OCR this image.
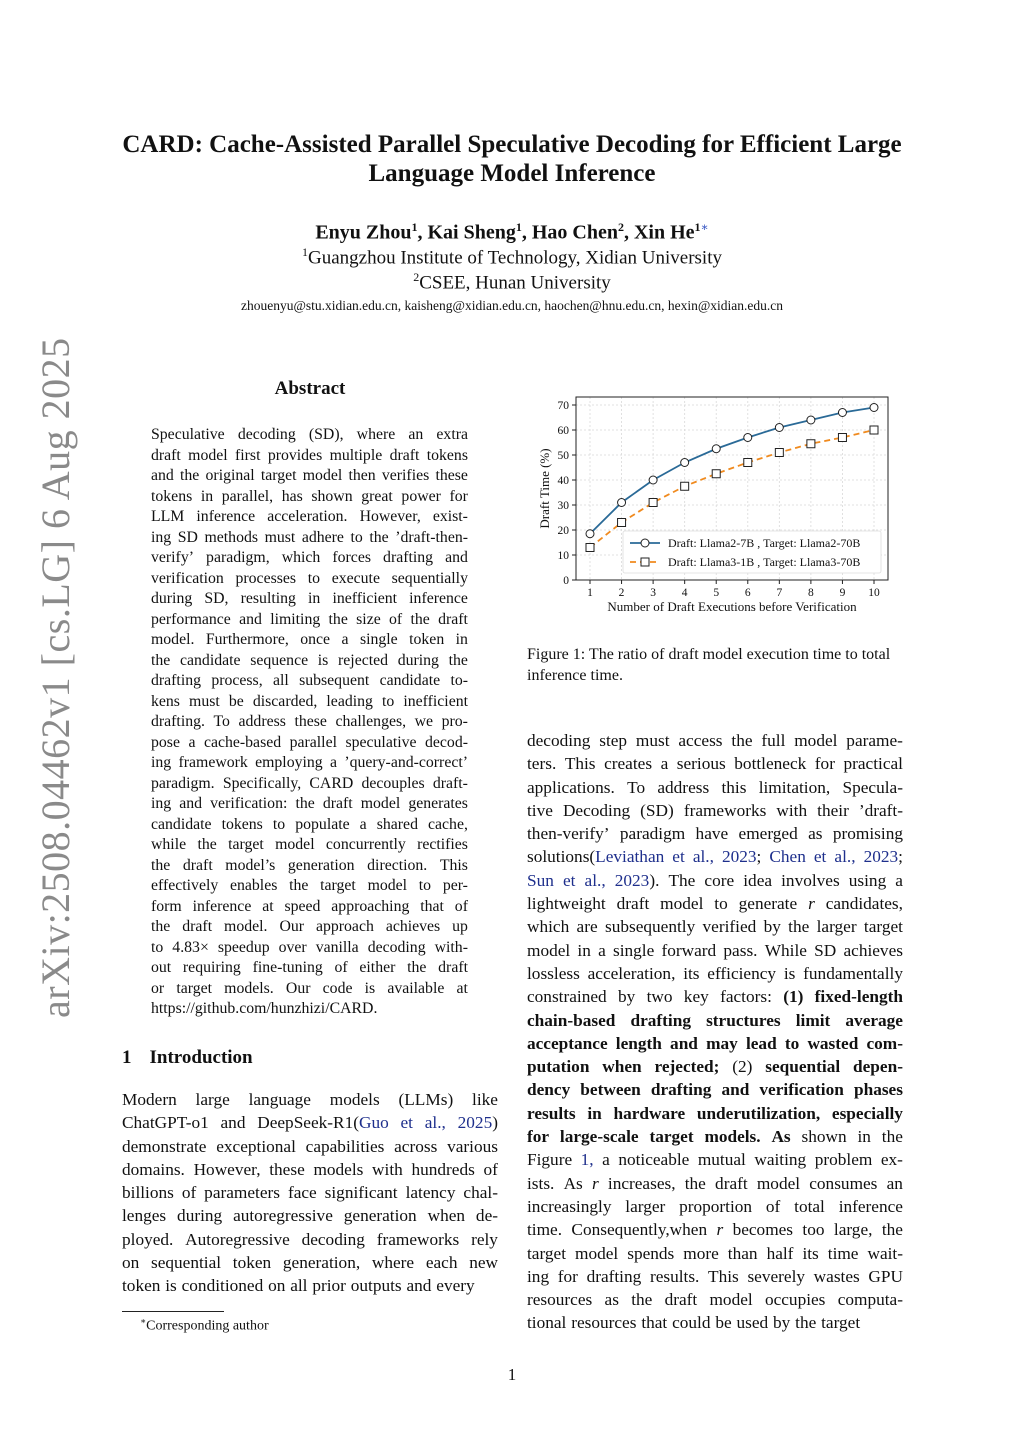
arXiv:2508.04462v1 [cs.LG] 6 Aug 2025
CARD: Cache-Assisted Parallel Speculative Decoding for Efficient Large
Language Model Inference
Enyu Zhou$^1$, Kai Sheng$^1$, Hao Chen$^2$, Xin $He^{1∗}$
$^1$Guangzhou Institute of Technology, Xidian University
$^2$CSEE, Hunan University
zhouenyu@stu.xidian.edu.cn, kaisheng@xidian.edu.cn, haochen@hnu.edu.cn, hexin@xidian.edu.cn
Abstract
Speculative decoding (SD), where an extra
draft model first provides multiple draft tokens
and the original target model then verifies these
tokens in parallel, has shown great power for
LLM inference acceleration. However, exist-
ing SD methods must adhere to the ’draft-then-
verify’ paradigm, which forces drafting and
verification processes to execute sequentially
during SD, resulting in inefficient inference
performance and limiting the size of the draft
model. Furthermore, once a single token in
the candidate sequence is rejected during the
drafting process, all subsequent candidate to-
kens must be discarded, leading to inefficient
drafting. To address these challenges, we pro-
pose a cache-based parallel speculative decod-
ing framework employing a ’query-and-correct’
paradigm. Specifically, CARD decouples draft-
ing and verification: the draft model generates
candidate tokens to populate a shared cache,
while the target model concurrently rectifies
the draft model’s generation direction. This
effectively enables the target model to per-
form inference at speed approaching that of
the draft model. Our approach achieves up
to 4.83× speedup over vanilla decoding with-
out requiring fine-tuning of either the draft
or target models. Our code is available at
https://github.com/hunzhizi/CARD.
1 Introduction
Modern large language models (LLMs) like
ChatGPT-o1 and DeepSeek-R1(Guo et al., 2025)
demonstrate exceptional capabilities across various
domains. However, these models with hundreds of
billions of parameters face significant latency chal-
lenges during autoregressive generation when de-
ployed. Autoregressive decoding frameworks rely
on sequential token generation, where each new
token is conditioned on all prior outputs and every
∗Corresponding author
0
10
20
30
40
50
60
70
1 2 3 4 5 6 7 8 9 10
Number of Draft Executions before Verification
Draft Time (%)
Draft: Llama2-7B , Target: Llama2-70B
Draft: Llama3-1B , Target: Llama3-70B
Figure 1: The ratio of draft model execution time to total inference time.
decoding step must access the full model parame-
ters. This creates a serious bottleneck for practical
applications. To address this limitation, Specula-
tive Decoding (SD) frameworks with their ’draft-
then-verify’ paradigm have emerged as promising
solutions(Leviathan et al., 2023; Chen et al., 2023;
Sun et al., 2023). The core idea involves using a
lightweight draft model to generate r candidates,
which are subsequently verified by the larger target
model in a single forward pass. While SD achieves
lossless acceleration, its efficiency is fundamentally
constrained by two key factors: (1) fixed-length
chain-based drafting structures limit average
acceptance length and may lead to wasted com-
putation when rejected; (2) sequential depen-
dency between drafting and verification phases
results in hardware underutilization, especially
for large-scale target models. As shown in the
Figure 1, a noticeable mutual waiting problem ex-
ists. As r increases, the draft model consumes an
increasingly larger proportion of total inference
time. Consequently,when r becomes too large, the
target model spends more than half its time wait-
ing for drafting results. This severely wastes GPU
resources as the draft model occupies computa-
tional resources that could be used by the target
1
